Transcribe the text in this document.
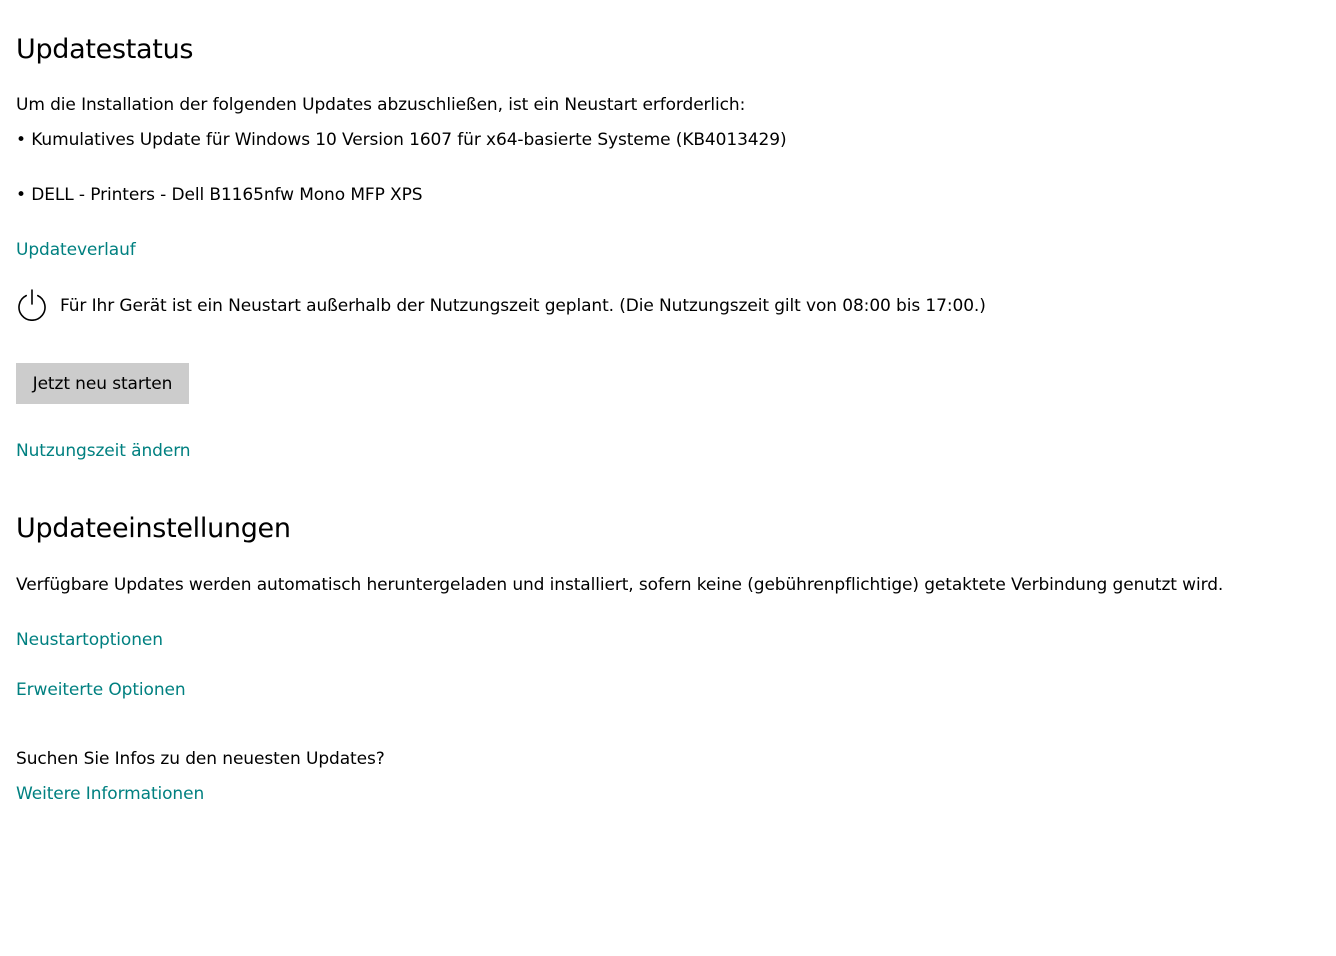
Updatestatus
Um die Installation der folgenden Updates abzuschließen, ist ein Neustart erforderlich:
• Kumulatives Update für Windows 10 Version 1607 für x64-basierte Systeme (KB4013429)
• DELL - Printers - Dell B1165nfw Mono MFP XPS
Updateverlauf
Für Ihr Gerät ist ein Neustart außerhalb der Nutzungszeit geplant. (Die Nutzungszeit gilt von 08:00 bis 17:00.)
Jetzt neu starten
Nutzungszeit ändern
Updateeinstellungen
Verfügbare Updates werden automatisch heruntergeladen und installiert, sofern keine (gebührenpflichtige) getaktete Verbindung genutzt wird.
Neustartoptionen
Erweiterte Optionen
Suchen Sie Infos zu den neuesten Updates?
Weitere Informationen
